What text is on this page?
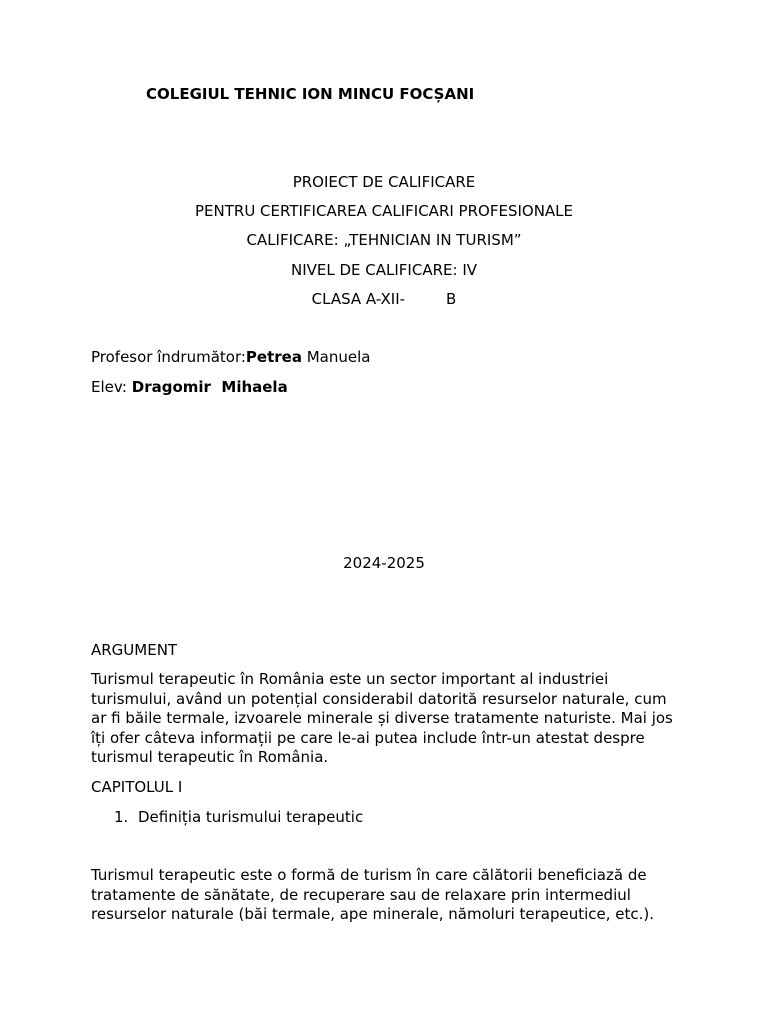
COLEGIUL TEHNIC ION MINCU FOCȘANI
PROIECT DE CALIFICARE
PENTRU CERTIFICAREA CALIFICARI PROFESIONALE
CALIFICARE: „TEHNICIAN IN TURISM”
NIVEL DE CALIFICARE: IV
CLASA A-XII-	B
Profesor îndrumător:Petrea Manuela
Elev: Dragomir  Mihaela
2024-2025
ARGUMENT
Turismul terapeutic în România este un sector important al industriei turismului, având un potențial considerabil datorită resurselor naturale, cum ar fi băile termale, izvoarele minerale și diverse tratamente naturiste. Mai jos îți ofer câteva informații pe care le-ai putea include într-un atestat despre turismul terapeutic în România.
CAPITOLUL I
1. Definiția turismului terapeutic
Turismul terapeutic este o formă de turism în care călătorii beneficiază de tratamente de sănătate, de recuperare sau de relaxare prin intermediul resurselor naturale (băi termale, ape minerale, nămoluri terapeutice, etc.).
